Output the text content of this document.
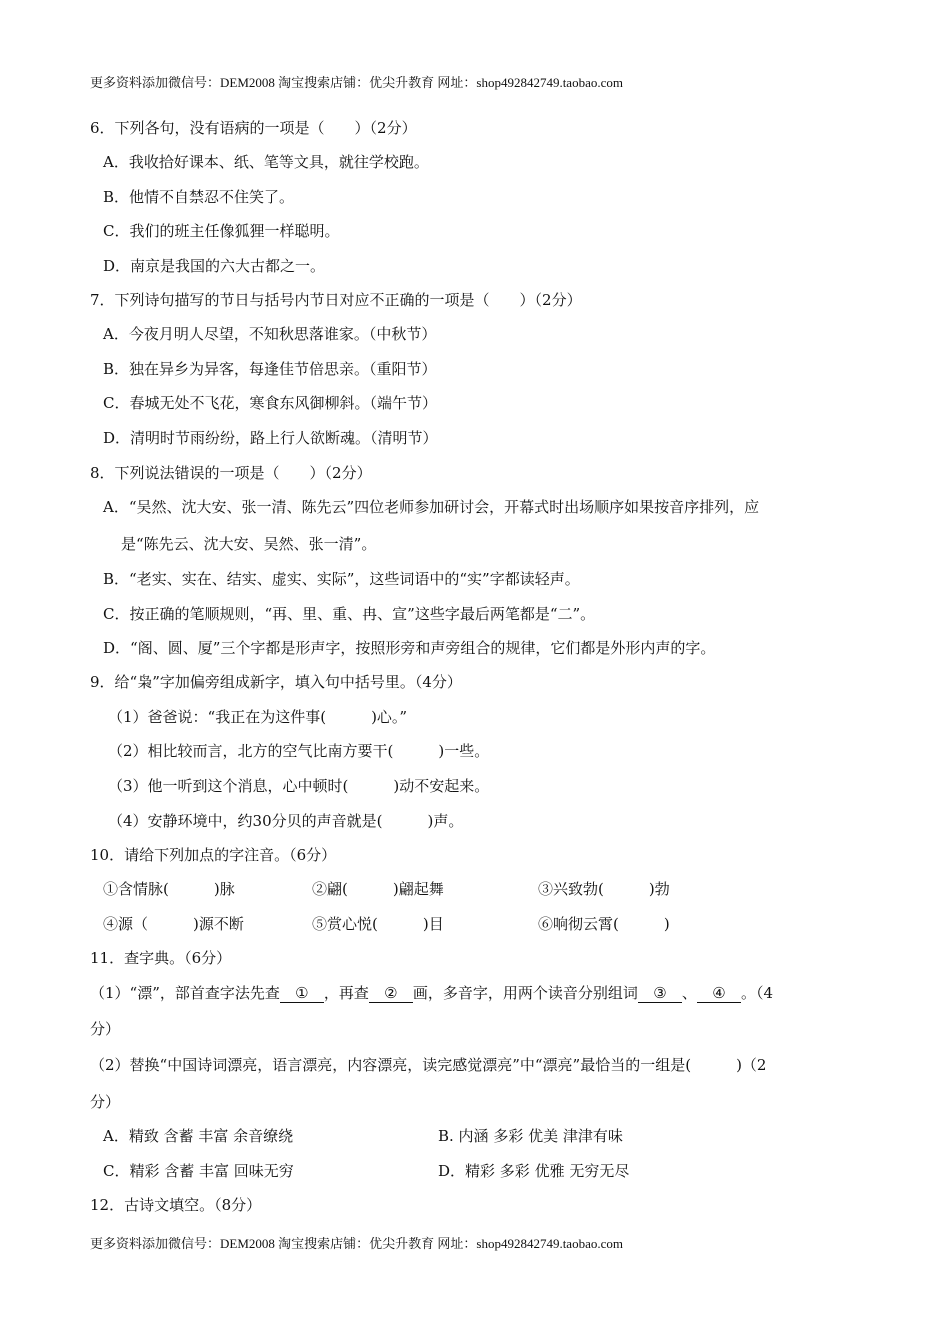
更多资料添加微信号：DEM2008 淘宝搜索店铺：优尖升教育 网址：shop492842749.taobao.com
6．下列各句，没有语病的一项是（　　）（2分）
A．我收拾好课本、纸、笔等文具，就往学校跑。
B．他情不自禁忍不住笑了。
C．我们的班主任像狐狸一样聪明。
D．南京是我国的六大古都之一。
7．下列诗句描写的节日与括号内节日对应不正确的一项是（　　）（2分）
A．今夜月明人尽望，不知秋思落谁家。（中秋节）
B．独在异乡为异客，每逢佳节倍思亲。（重阳节）
C．春城无处不飞花，寒食东风御柳斜。（端午节）
D．清明时节雨纷纷，路上行人欲断魂。（清明节）
8．下列说法错误的一项是（　　）（2分）
A．“吴然、沈大安、张一清、陈先云”四位老师参加研讨会，开幕式时出场顺序如果按音序排列，应
是“陈先云、沈大安、吴然、张一清”。
B．“老实、实在、结实、虚实、实际”，这些词语中的“实”字都读轻声。
C．按正确的笔顺规则，“再、里、重、冉、宣”这些字最后两笔都是“二”。
D．“阁、圆、厦”三个字都是形声字，按照形旁和声旁组合的规律，它们都是外形内声的字。
9．给“枭”字加偏旁组成新字，填入句中括号里。（4分）
（1）爸爸说：“我正在为这件事(　　　)心。”
（2）相比较而言，北方的空气比南方要干(　　　)一些。
（3）他一听到这个消息，心中顿时(　　　)动不安起来。
（4）安静环境中，约30分贝的声音就是(　　　)声。
10．请给下列加点的字注音。（6分）
①含情脉(　　　)脉	②翩(　　　)翩起舞	③兴致勃(　　　)勃
④源（　　　)源不断	⑤赏心悦(　　　)目	⑥响彻云霄(　　　)
11．查字典。（6分）
（1）“漂”，部首查字法先查 ① ，再查 ② 画，多音字，用两个读音分别组词 ③ 、 ④ 。（4
分）
（2）替换“中国诗词漂亮，语言漂亮，内容漂亮，读完感觉漂亮”中“漂亮”最恰当的一组是(　　　)（2
分）
A．精致 含蓄 丰富 余音缭绕	B. 内涵 多彩 优美 津津有味
C．精彩 含蓄 丰富 回味无穷	D．精彩 多彩 优雅 无穷无尽
12．古诗文填空。（8分）
更多资料添加微信号：DEM2008 淘宝搜索店铺：优尖升教育 网址：shop492842749.taobao.com
